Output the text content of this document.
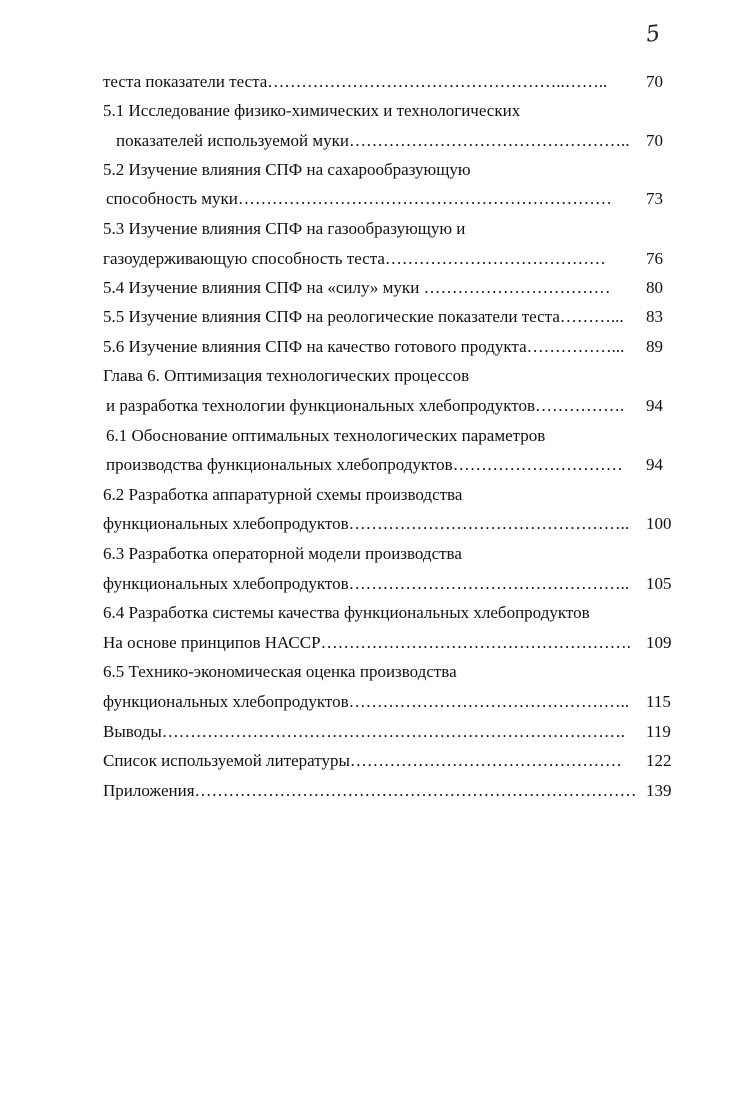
5
теста показатели теста……………………………………………..…….. 70
5.1 Исследование физико-химических и технологических
показателей используемой муки………………………………………….. 70
5.2 Изучение влияния СПФ на сахарообразующую
способность муки………………………………………………………… 73
5.3 Изучение влияния СПФ на газообразующую и
газоудерживающую способность теста………………………………… 76
5.4 Изучение влияния СПФ на «силу» муки …………………………… 80
5.5 Изучение влияния СПФ на реологические показатели теста………... 83
5.6 Изучение влияния СПФ на качество готового продукта……………... 89
Глава 6. Оптимизация технологических процессов
и разработка технологии функциональных хлебопродуктов……………. 94
6.1 Обоснование оптимальных технологических параметров
производства функциональных хлебопродуктов………………………… 94
6.2 Разработка аппаратурной схемы производства
функциональных хлебопродуктов………………………………………….. 100
6.3 Разработка операторной модели производства
функциональных хлебопродуктов………………………………………….. 105
6.4 Разработка системы качества функциональных хлебопродуктов
На основе принципов НАССР………………………………………………. 109
6.5 Технико-экономическая оценка производства
функциональных хлебопродуктов………………………………………….. 115
Выводы………………………………………………………………………. 119
Список используемой литературы………………………………………… 122
Приложения…………………………………………………………………… 139
